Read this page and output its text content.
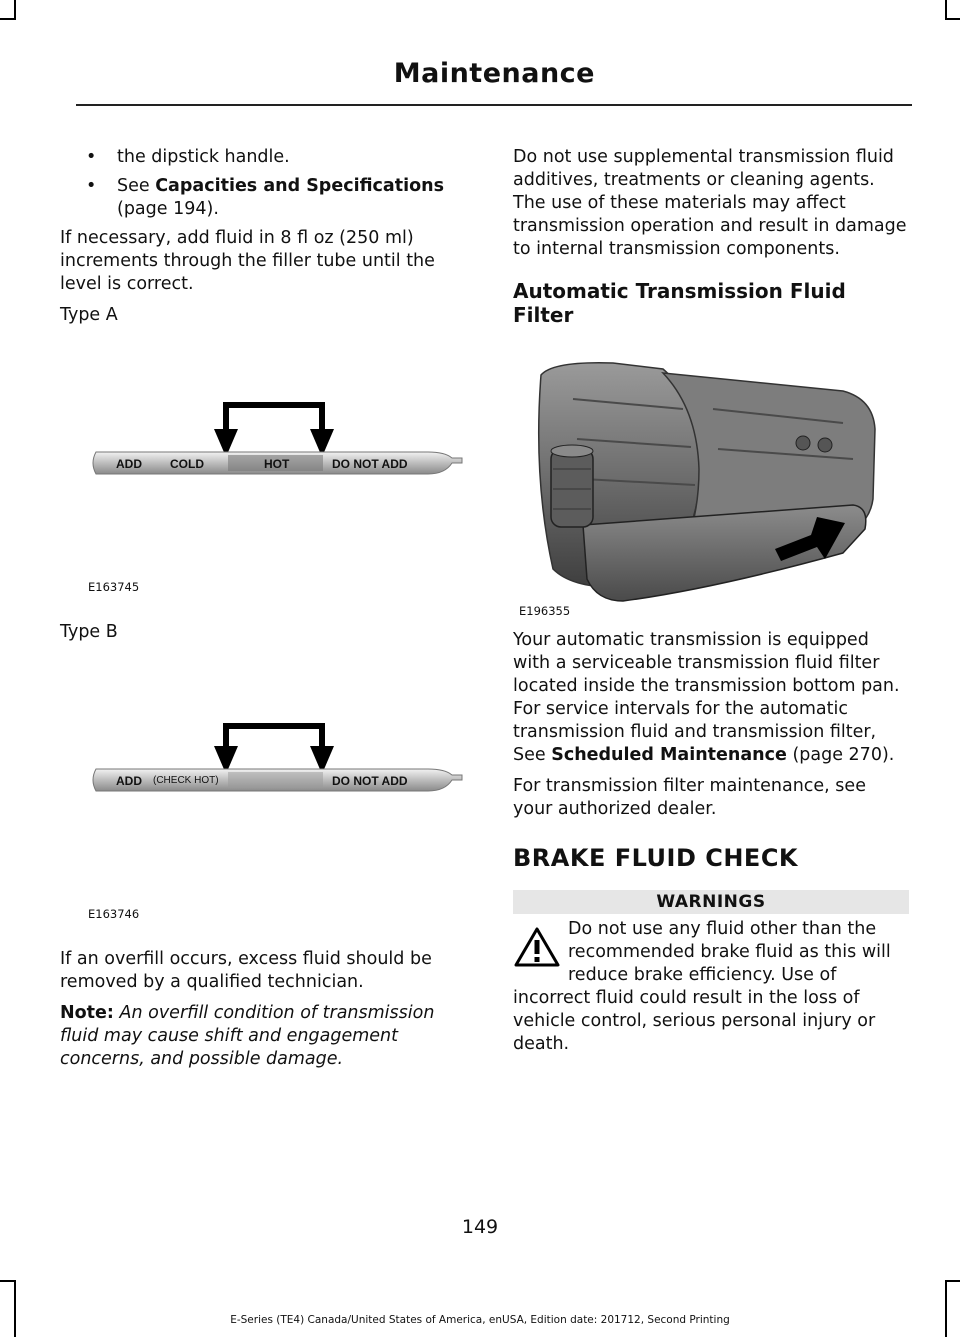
Maintenance
• the dipstick handle.
• See Capacities and Specifications (page 194).

If necessary, add fluid in 8 fl oz (250 ml) increments through the filler tube until the level is correct.

Type A

ADD COLD	HOT	DO NOT ADD
E163745

Type B

ADD (CHECK HOT)	DO NOT ADD
E163746

If an overfill occurs, excess fluid should be removed by a qualified technician.

Note: An overfill condition of transmission fluid may cause shift and engagement concerns, and possible damage.

Do not use supplemental transmission fluid additives, treatments or cleaning agents. The use of these materials may affect transmission operation and result in damage to internal transmission components.

Automatic Transmission Fluid Filter
E196355

Your automatic transmission is equipped with a serviceable transmission fluid filter located inside the transmission bottom pan. For service intervals for the automatic transmission fluid and transmission filter, See Scheduled Maintenance (page 270).

For transmission filter maintenance, see your authorized dealer.

BRAKE FLUID CHECK
WARNINGS
Do not use any fluid other than the recommended brake fluid as this will reduce brake efficiency. Use of
incorrect fluid could result in the loss of vehicle control, serious personal injury or death.
149
E-Series (TE4) Canada/United States of America, enUSA, Edition date: 201712, Second Printing
